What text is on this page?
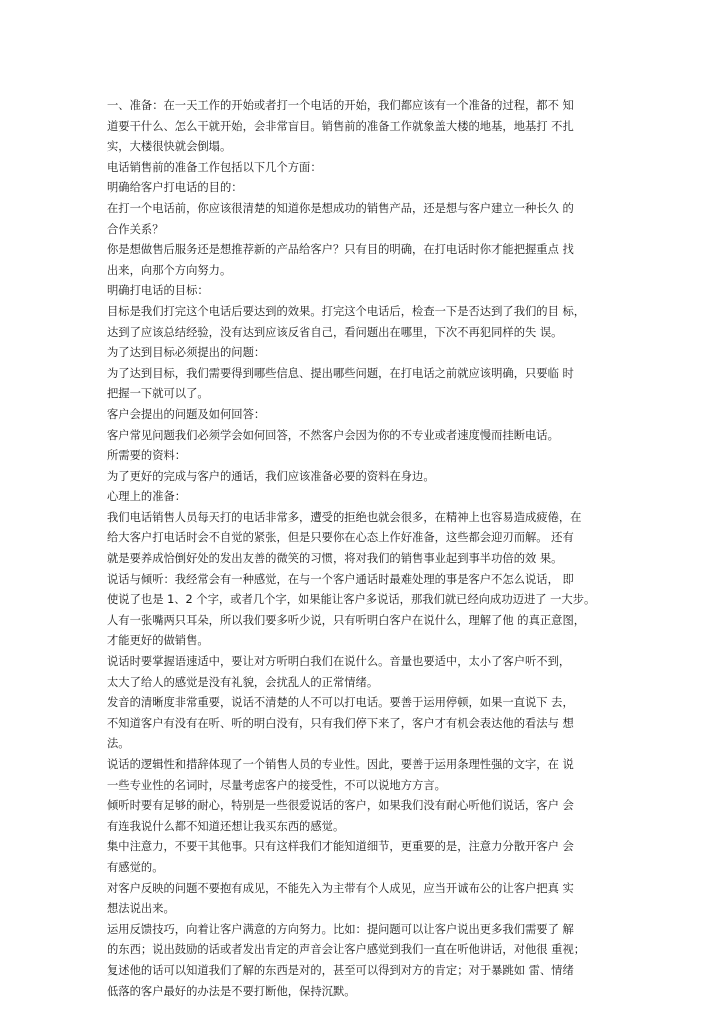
一、准备：在一天工作的开始或者打一个电话的开始，我们都应该有一个准备的过程，都不 知
道要干什么、怎么干就开始，会非常盲目。销售前的准备工作就象盖大楼的地基，地基打 不扎
实，大楼很快就会倒塌。
电话销售前的准备工作包括以下几个方面：
明确给客户打电话的目的：
在打一个电话前，你应该很清楚的知道你是想成功的销售产品，还是想与客户建立一种长久 的
合作关系？
你是想做售后服务还是想推荐新的产品给客户？只有目的明确，在打电话时你才能把握重点 找
出来，向那个方向努力。
明确打电话的目标：
目标是我们打完这个电话后要达到的效果。打完这个电话后，检查一下是否达到了我们的目 标，
达到了应该总结经验，没有达到应该反省自己，看问题出在哪里，下次不再犯同样的失 误。
为了达到目标必须提出的问题：
为了达到目标，我们需要得到哪些信息、提出哪些问题，在打电话之前就应该明确，只要临 时
把握一下就可以了。
客户会提出的问题及如何回答：
客户常见问题我们必须学会如何回答，不然客户会因为你的不专业或者速度慢而挂断电话。
所需要的资料：
为了更好的完成与客户的通话，我们应该准备必要的资料在身边。
心理上的准备：
我们电话销售人员每天打的电话非常多，遭受的拒绝也就会很多，在精神上也容易造成疲倦，在
给大客户打电话时会不自觉的紧张，但是只要你在心态上作好准备，这些都会迎刃而解。 还有
就是要养成恰倒好处的发出友善的微笑的习惯，将对我们的销售事业起到事半功倍的效 果。
说话与倾听：我经常会有一种感觉，在与一个客户通话时最难处理的事是客户不怎么说话， 即
使说了也是 1、2 个字，或者几个字，如果能让客户多说话，那我们就已经向成功迈进了 一大步。
人有一张嘴两只耳朵，所以我们要多听少说，只有听明白客户在说什么，理解了他 的真正意图，
才能更好的做销售。
说话时要掌握语速适中，要让对方听明白我们在说什么。音量也要适中，太小了客户听不到，
太大了给人的感觉是没有礼貌，会扰乱人的正常情绪。
发音的清晰度非常重要，说话不清楚的人不可以打电话。要善于运用停顿，如果一直说下 去，
不知道客户有没有在听、听的明白没有，只有我们停下来了，客户才有机会表达他的看法与 想
法。
说话的逻辑性和措辞体现了一个销售人员的专业性。因此，要善于运用条理性强的文字，在 说
一些专业性的名词时，尽量考虑客户的接受性，不可以说地方方言。
倾听时要有足够的耐心，特别是一些很爱说话的客户，如果我们没有耐心听他们说话，客户 会
有连我说什么都不知道还想让我买东西的感觉。
集中注意力，不要干其他事。只有这样我们才能知道细节，更重要的是，注意力分散开客户 会
有感觉的。
对客户反映的问题不要抱有成见，不能先入为主带有个人成见，应当开诚布公的让客户把真 实
想法说出来。
运用反馈技巧，向着让客户满意的方向努力。比如：提问题可以让客户说出更多我们需要了 解
的东西；说出鼓励的话或者发出肯定的声音会让客户感觉到我们一直在听他讲话，对他很 重视；
复述他的话可以知道我们了解的东西是对的，甚至可以得到对方的肯定；对于暴跳如 雷、情绪
低落的客户最好的办法是不要打断他，保持沉默。
